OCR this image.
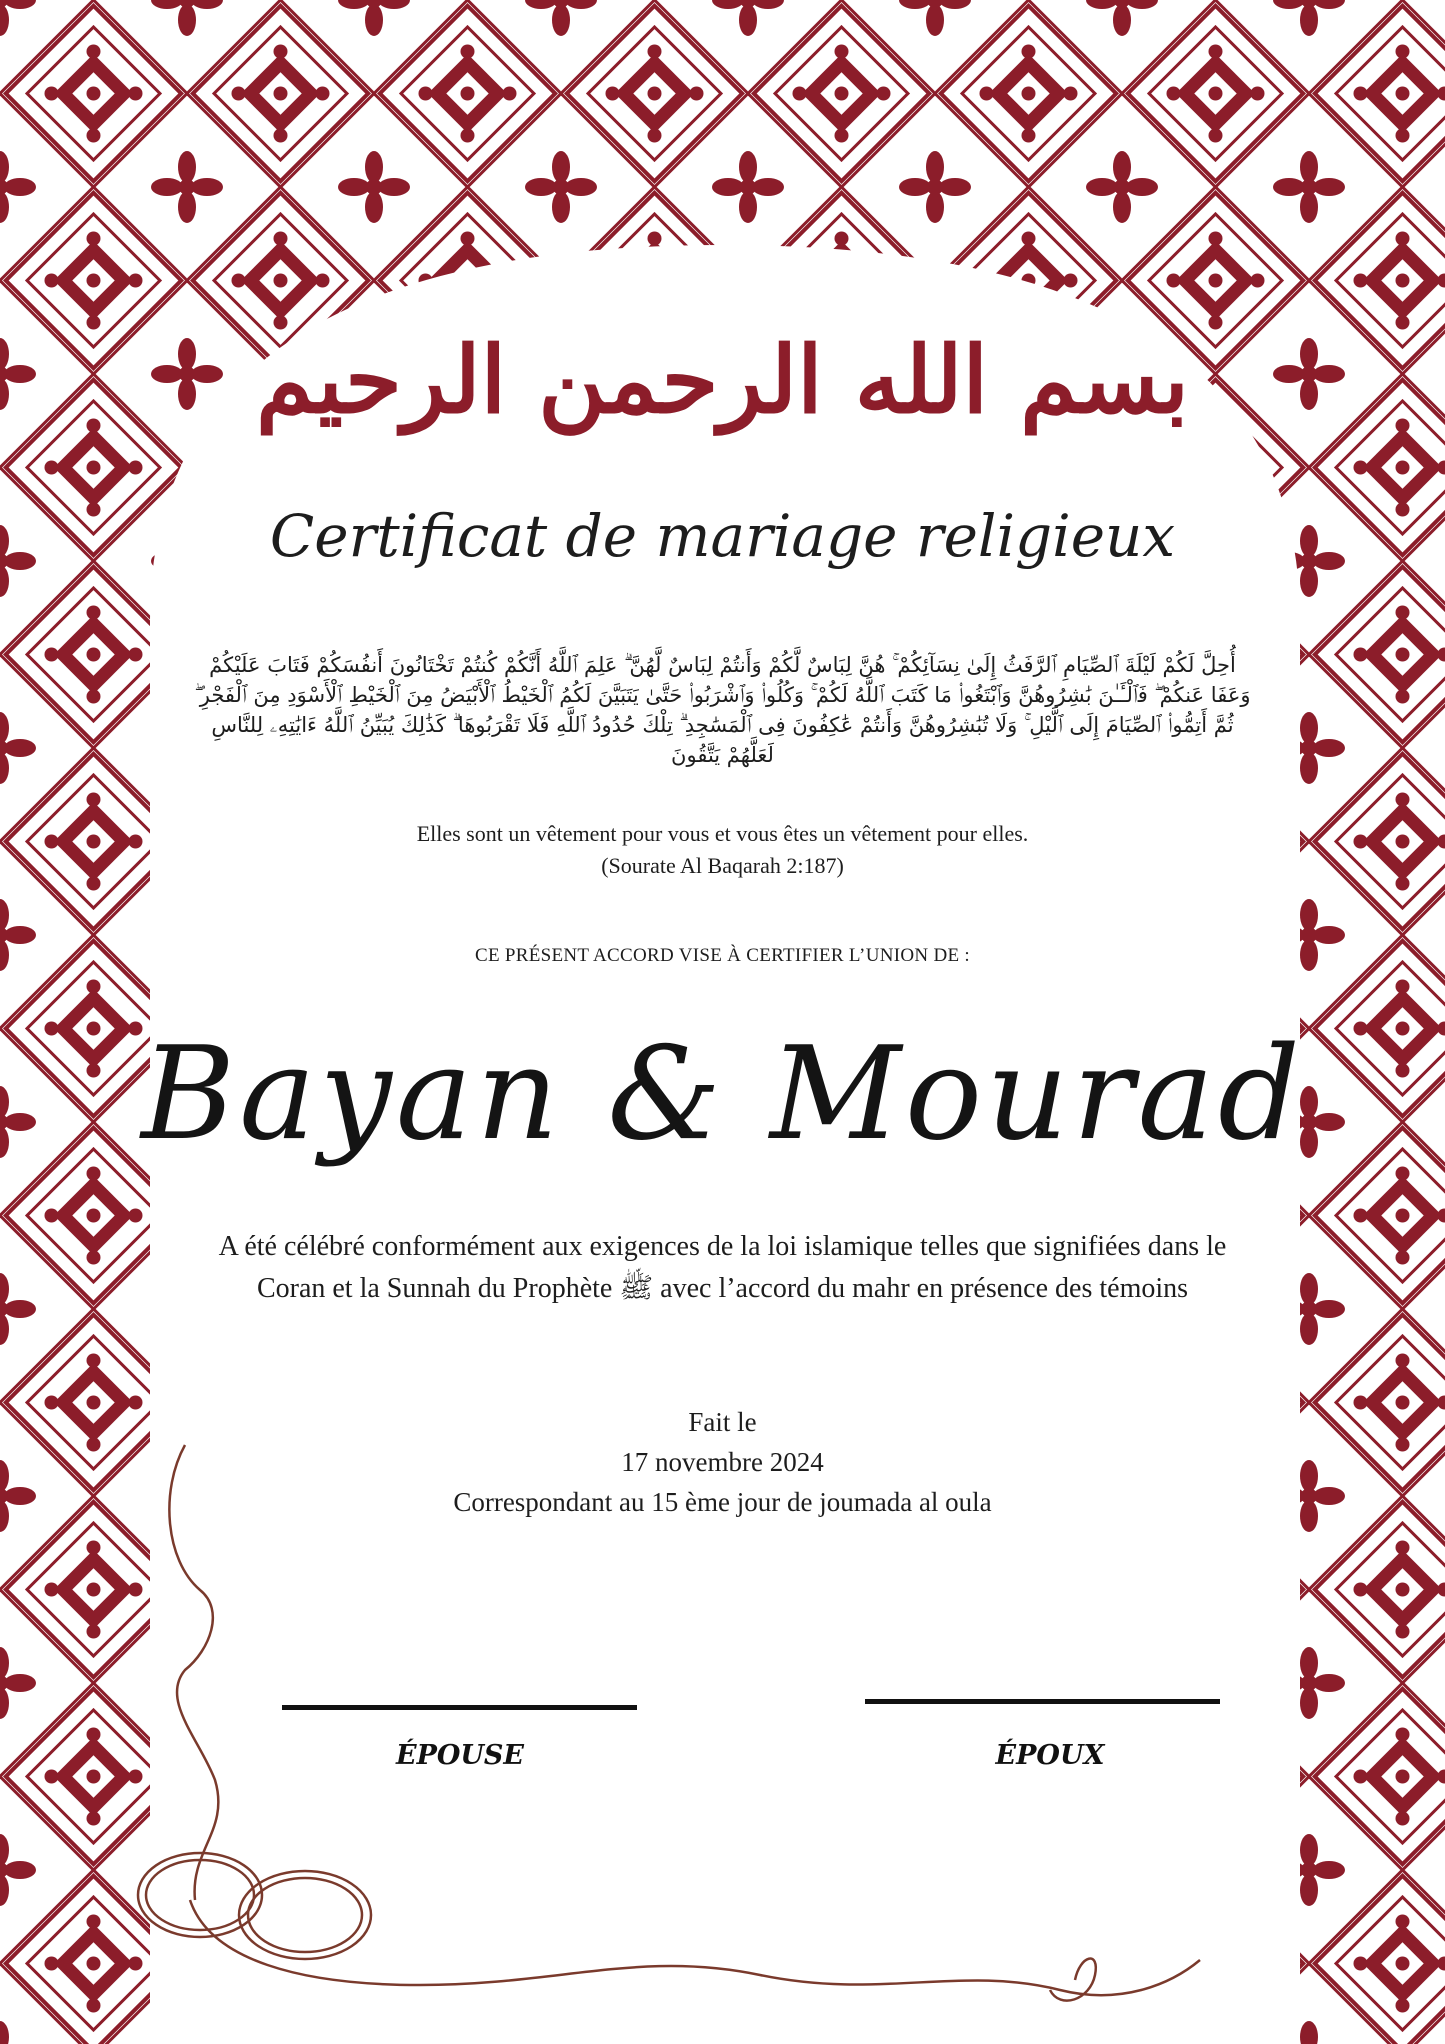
بسم الله الرحمن الرحيم
Certificat de mariage religieux
أُحِلَّ لَكُمْ لَيْلَةَ ٱلصِّيَامِ ٱلرَّفَثُ إِلَىٰ نِسَآئِكُمْ ۚ هُنَّ لِبَاسٌ لَّكُمْ وَأَنتُمْ لِبَاسٌ لَّهُنَّ ۗ عَلِمَ ٱللَّهُ أَنَّكُمْ كُنتُمْ تَخْتَانُونَ أَنفُسَكُمْ فَتَابَ عَلَيْكُمْ وَعَفَا عَنكُمْ ۖ فَٱلْـَٔـٰنَ بَٰشِرُوهُنَّ وَٱبْتَغُوا۟ مَا كَتَبَ ٱللَّهُ لَكُمْ ۚ وَكُلُوا۟ وَٱشْرَبُوا۟ حَتَّىٰ يَتَبَيَّنَ لَكُمُ ٱلْخَيْطُ ٱلْأَبْيَضُ مِنَ ٱلْخَيْطِ ٱلْأَسْوَدِ مِنَ ٱلْفَجْرِ ۖ ثُمَّ أَتِمُّوا۟ ٱلصِّيَامَ إِلَى ٱلَّيْلِ ۚ وَلَا تُبَٰشِرُوهُنَّ وَأَنتُمْ عَٰكِفُونَ فِى ٱلْمَسَٰجِدِ ۗ تِلْكَ حُدُودُ ٱللَّهِ فَلَا تَقْرَبُوهَا ۗ كَذَٰلِكَ يُبَيِّنُ ٱللَّهُ ءَايَٰتِهِۦ لِلنَّاسِ لَعَلَّهُمْ يَتَّقُونَ
Elles sont un vêtement pour vous et vous êtes un vêtement pour elles.
(Sourate Al Baqarah 2:187)
CE PRÉSENT ACCORD VISE À CERTIFIER L’UNION DE :
Bayan & Mourad
A été célébré conformément aux exigences de la loi islamique telles que signifiées dans le Coran et la Sunnah du Prophète ﷺ avec l’accord du mahr en présence des témoins
Fait le
17 novembre 2024
Correspondant au 15 ème jour de joumada al oula
ÉPOUSE	ÉPOUX
